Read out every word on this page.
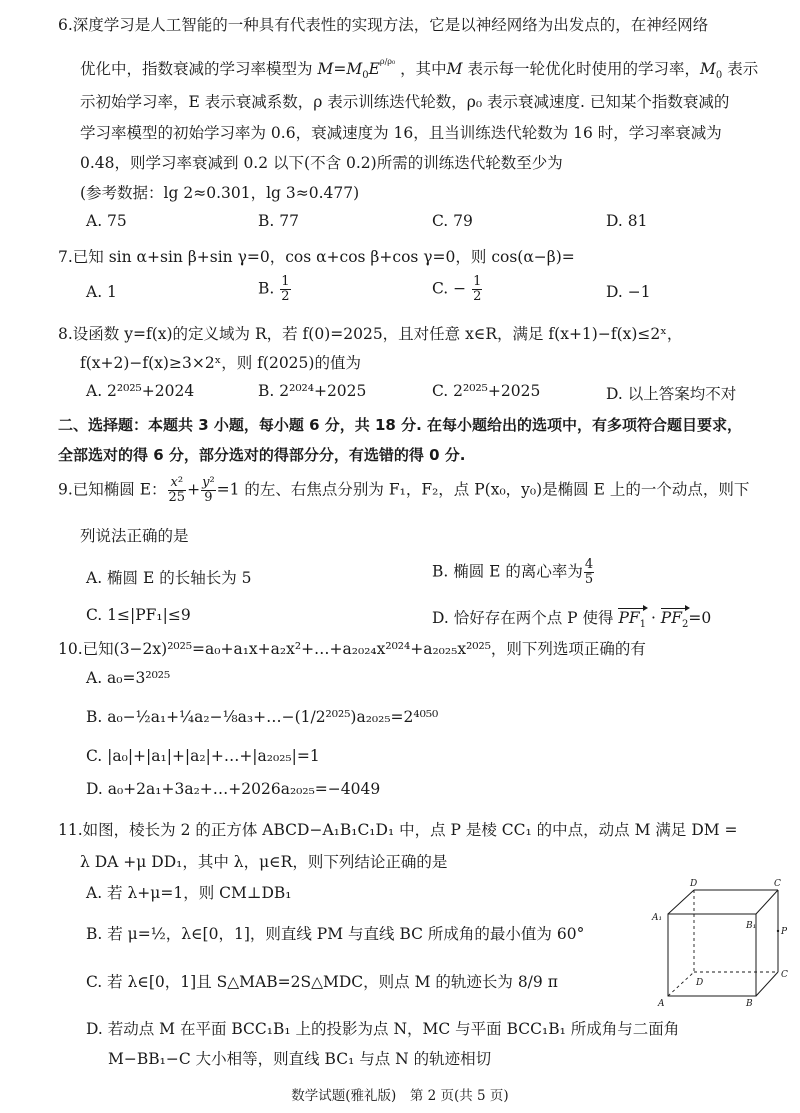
6.深度学习是人工智能的一种具有代表性的实现方法，它是以神经网络为出发点的，在神经网络
优化中，指数衰减的学习率模型为 $M=M_0E^{\rho/\rho_0}$ ，其中M 表示每一轮优化时使用的学习率，$M_0$ 表示
示初始学习率，E 表示衰减系数，ρ 表示训练迭代轮数，ρ₀ 表示衰减速度. 已知某个指数衰减的
学习率模型的初始学习率为 0.6，衰减速度为 16，且当训练迭代轮数为 16 时，学习率衰减为
0.48，则学习率衰减到 0.2 以下(不含 0.2)所需的训练迭代轮数至少为
(参考数据：lg 2≈0.301，lg 3≈0.477)
A. 75	B. 77	C. 79	D. 81
7.已知 sin α+sin β+sin γ=0，cos α+cos β+cos γ=0，则 cos(α−β)=
A. 1	B. $\frac{1}{2}$	C. − $\frac{1}{2}$	D. −1
8.设函数 y=f(x)的定义域为 R，若 f(0)=2025，且对任意 x∈R，满足 f(x+1)−f(x)≤2ˣ，
f(x+2)−f(x)≥3×2ˣ，则 f(2025)的值为
A. 2²⁰²⁵+2024	B. 2²⁰²⁴+2025	C. 2²⁰²⁵+2025	D. 以上答案均不对
二、选择题：本题共 3 小题，每小题 6 分，共 18 分. 在每小题给出的选项中，有多项符合题目要求，
全部选对的得 6 分，部分选对的得部分分，有选错的得 0 分.
9.已知椭圆 E： $\frac{\text{x²}}{25} + \frac{\text{y²}}{9} =1$ 的左、右焦点分别为 F₁，F₂，点 P(x₀，y₀)是椭圆 E 上的一个动点，则下
列说法正确的是
A. 椭圆 E 的长轴长为 5	B. 椭圆 E 的离心率为 $\frac{4}{5}$
C. 1≤|PF₁|≤9	D. 恰好存在两个点 P 使得 $PF_1 \cdot PF_2=0$
10.已知(3−2x)²⁰²⁵=a₀+a₁x+a₂x²+…+a₂₀₂₄x²⁰²⁴+a₂₀₂₅x²⁰²⁵，则下列选项正确的有
A. a₀=3²⁰²⁵
B. a₀−½a₁+¼a₂−⅛a₃+…−(1/2²⁰²⁵)a₂₀₂₅=2⁴⁰⁵⁰
C. |a₀|+|a₁|+|a₂|+…+|a₂₀₂₅|=1
D. a₀+2a₁+3a₂+…+2026a₂₀₂₅=−4049
11.如图，棱长为 2 的正方体 ABCD−A₁B₁C₁D₁ 中，点 P 是棱 CC₁ 的中点，动点 M 满足 DM =
λ DA +μ DD₁，其中 λ，μ∈R，则下列结论正确的是
A. 若 λ+μ=1，则 CM⊥DB₁
B. 若 μ=½，λ∈[0，1]，则直线 PM 与直线 BC 所成角的最小值为 60°
C. 若 λ∈[0，1]且 S△MAB=2S△MDC，则点 M 的轨迹长为 8/9 π
D. 若动点 M 在平面 BCC₁B₁ 上的投影为点 N，MC 与平面 BCC₁B₁ 所成角与二面角
M−BB₁−C 大小相等，则直线 BC₁ 与点 N 的轨迹相切
D	C
A₁
B₁
P
D
C
A	B
数学试题(雅礼版)　第 2 页(共 5 页)
